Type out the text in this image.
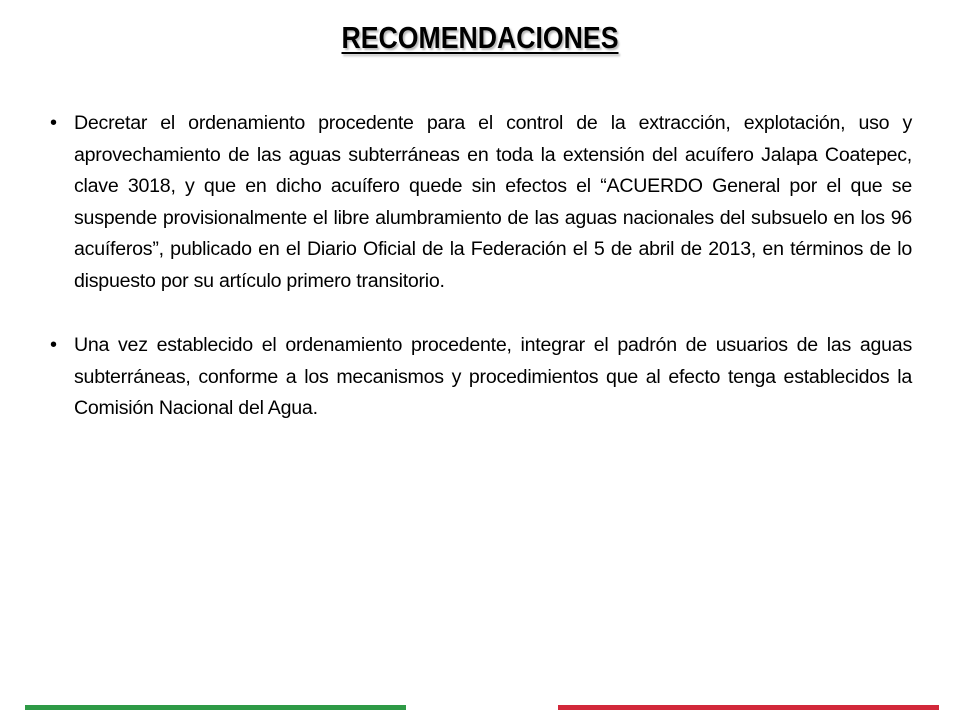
RECOMENDACIONES
• Decretar el ordenamiento procedente para el control de la extracción, explotación, uso y aprovechamiento de las aguas subterráneas en toda la extensión del acuífero Jalapa Coatepec, clave 3018, y que en dicho acuífero quede sin efectos el “ACUERDO General por el que se suspende provisionalmente el libre alumbramiento de las aguas nacionales del subsuelo en los 96 acuíferos”, publicado en el Diario Oficial de la Federación el 5 de abril de 2013, en términos de lo dispuesto por su artículo primero transitorio.
• Una vez establecido el ordenamiento procedente, integrar el padrón de usuarios de las aguas subterráneas, conforme a los mecanismos y procedimientos que al efecto tenga establecidos la Comisión Nacional del Agua.
